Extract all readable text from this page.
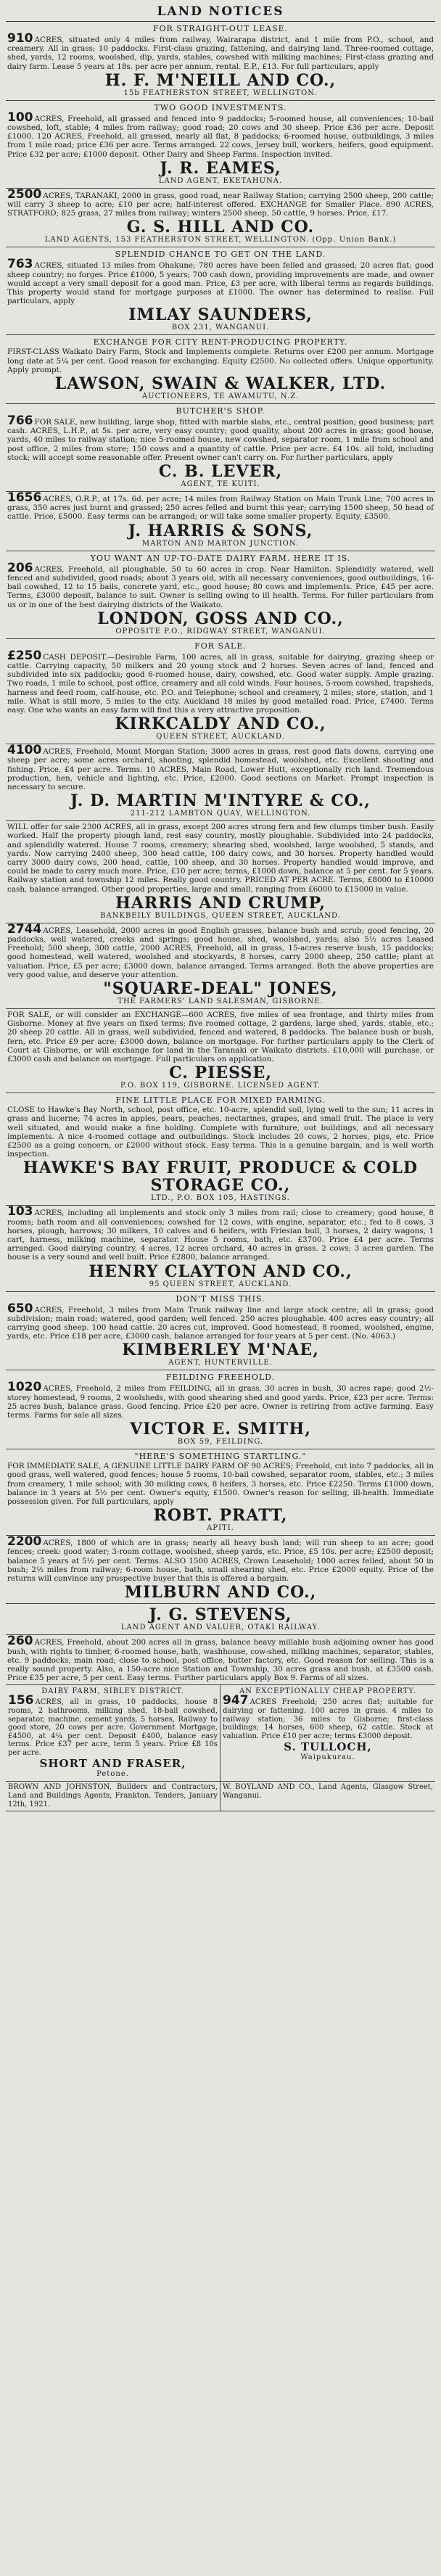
LAND NOTICES
FOR STRAIGHT-OUT LEASE.
910 ACRES, situated only 4 miles from railway, Wairarapa district, and 1 mile from P.O., school, and creamery. All in grass; 10 paddocks. First-class grazing, fattening, and dairying land. Three-roomed cottage, shed, yards, 12 rooms, woolshed, dip, yards, stables, cowshed with milking machines; First-class grazing and dairy farm. Lease 5 years at 18s. per acre per annum, rental. E.P., £13. For full particulars, apply
H. F. M'NEILL AND CO.,
15b FEATHERSTON STREET, WELLINGTON.
TWO GOOD INVESTMENTS.
100 ACRES, Freehold, all grassed and fenced into 9 paddocks; 5-roomed house, all conveniences; 10-bail cowshed, loft, stable; 4 miles from railway; good road; 20 cows and 30 sheep. Price £36 per acre. Deposit £1000. 120 ACRES, Freehold, all grassed, nearly all flat, 8 paddocks; 6-roomed house, outbuildings, 3 miles from 1 mile road; price £36 per acre. Terms arranged. 22 cows, Jersey bull, workers, heifers, good equipment. Price £32 per acre; £1000 deposit. Other Dairy and Sheep Farms. Inspection invited.
J. R. EAMES,
LAND AGENT, EKETAHUNA.
2500 ACRES, TARANAKI, 2000 in grass, good road, near Railway Station; carrying 2500 sheep, 200 cattle; will carry 3 sheep to acre; £10 per acre; half-interest offered. EXCHANGE for Smaller Place. 890 ACRES, STRATFORD; 825 grass, 27 miles from railway; winters 2500 sheep, 50 cattle, 9 horses. Price, £17.
G. S. HILL AND CO.
LAND AGENTS, 153 FEATHERSTON STREET, WELLINGTON. (Opp. Union Bank.)
SPLENDID CHANCE TO GET ON THE LAND.
763 ACRES, situated 13 miles from Ohakune; 780 acres have been felled and grassed; 20 acres flat; good sheep country; no forges. Price £1000, 5 years; 700 cash down, providing improvements are made, and owner would accept a very small deposit for a good man. Price, £3 per acre, with liberal terms as regards buildings. This property would stand for mortgage purposes at £1000. The owner has determined to realise. Full particulars, apply
IMLAY SAUNDERS,
BOX 231, WANGANUI.
EXCHANGE FOR CITY RENT-PRODUCING PROPERTY.
FIRST-CLASS Waikato Dairy Farm, Stock and Implements complete. Returns over £200 per annum. Mortgage long date at 5¼ per cent. Good reason for exchanging. Equity £2500. No collected offers. Unique opportunity. Apply prompt.
LAWSON, SWAIN & WALKER, LTD.
AUCTIONEERS, TE AWAMUTU, N.Z.
BUTCHER'S SHOP.
766 FOR SALE, new building, large shop, fitted with marble slabs, etc., central position; good business; part cash. ACRES, L.H.P., at 5s. per acre, very easy country; good quality, about 200 acres in grass; good house, yards, 40 miles to railway station; nice 5-roomed house, new cowshed, separator room, 1 mile from school and post office, 2 miles from store; 150 cows and a quantity of cattle. Price per acre. £4 10s. all told, including stock; will accept some reasonable offer. Present owner can't carry on. For further particulars, apply
C. B. LEVER,
AGENT, TE KUITI.
1656 ACRES, O.R.P., at 17s. 6d. per acre; 14 miles from Railway Station on Main Trunk Line; 700 acres in grass, 350 acres just burnt and grassed; 250 acres felled and burnt this year; carrying 1500 sheep, 50 head of cattle. Price, £5000. Easy terms can be arranged; or will take some smaller property. Equity, £3500.
J. HARRIS & SONS,
MARTON AND MARTON JUNCTION.
YOU WANT AN UP-TO-DATE DAIRY FARM. HERE IT IS.
206 ACRES, Freehold, all ploughable, 50 to 60 acres in crop. Near Hamilton. Splendidly watered, well fenced and subdivided, good roads; about 3 years old, with all necessary conveniences, good outbuildings, 16-bail cowshed, 12 to 15 bails, concrete yard, etc., good house; 80 cows and implements. Price, £45 per acre. Terms, £3000 deposit, balance to suit. Owner is selling owing to ill health. Terms. For fuller particulars from us or in one of the best dairying districts of the Waikato.
LONDON, GOSS AND CO.,
OPPOSITE P.O., RIDGWAY STREET, WANGANUI.
FOR SALE.
£250 CASH DEPOSIT.—Desirable Farm, 100 acres, all in grass, suitable for dairying, grazing sheep or cattle. Carrying capacity, 50 milkers and 20 young stock and 2 horses. Seven acres of land, fenced and subdivided into six paddocks; good 6-roomed house, dairy, cowshed, etc. Good water supply. Ample grazing. Two roads, 1 mile to school, post office, creamery and all cold winds. Four houses, 5-room cowshed, trapsheds, harness and feed room, calf-house, etc. P.O. and Telephone; school and creamery, 2 miles; store, station, and 1 mile. What is still more, 5 miles to the city. Auckland 18 miles by good metalled road. Price, £7400. Terms easy. One who wants an easy farm will find this a very attractive proposition.
KIRKCALDY AND CO.,
QUEEN STREET, AUCKLAND.
4100 ACRES, Freehold, Mount Morgan Station; 3000 acres in grass, rest good flats downs, carrying one sheep per acre; some acres orchard, shooting, splendid homestead, woolshed, etc. Excellent shooting and fishing. Price, £4 per acre. Terms. 10 ACRES, Main Road, Lower Hutt, exceptionally rich land. Tremendous production, hen, vehicle and lighting, etc. Price, £2000. Good sections on Market. Prompt inspection is necessary to secure.
J. D. MARTIN M'INTYRE & CO.,
211-212 LAMBTON QUAY, WELLINGTON.
WILL offer for sale 2300 ACRES, all in grass, except 200 acres strong fern and few clumps timber bush. Easily worked. Half the property plough land, rest easy country, mostly ploughable. Subdivided into 24 paddocks, and splendidly watered. House 7 rooms, creamery; shearing shed, woolshed, large woolshed, 5 stands, and yards. Now carrying 2400 sheep, 300 head cattle, 100 dairy cows, and 30 horses. Property handled would carry 3000 dairy cows, 200 head, cattle, 100 sheep, and 30 horses. Property handled would improve, and could be made to carry much more. Price, £10 per acre; terms, £1000 down, balance at 5 per cent. for 5 years. Railway station and township 12 miles. Really good country. PRICED AT PER ACRE. Terms, £8000 to £10000 cash, balance arranged. Other good properties, large and small, ranging from £6000 to £15000 in value.
HARRIS AND CRUMP,
BANKBEILY BUILDINGS, QUEEN STREET, AUCKLAND.
2744 ACRES, Leasehold, 2000 acres in good English grasses, balance bush and scrub; good fencing, 20 paddocks, well watered, creeks and springs; good house, shed, woolshed, yards; also 5½ acres Leased Freehold; 500 sheep, 300 cattle, 2000 ACRES, Freehold, all in grass, 15-acres reserve bush, 15 paddocks; good homestead, well watered, woolshed and stockyards, 8 horses, carry 2000 sheep, 250 cattle; plant at valuation. Price, £5 per acre; £3000 down, balance arranged. Terms arranged. Both the above properties are very good value, and deserve your attention.
"SQUARE-DEAL" JONES,
THE FARMERS' LAND SALESMAN, GISBORNE.
FOR SALE, or will consider an EXCHANGE—600 ACRES, five miles of sea frontage, and thirty miles from Gisborne. Money at five years on fixed terms; five roomed cottage, 2 gardens, large shed, yards, stable, etc.; 20 sheep 20 cattle. All in grass, well subdivided, fenced and watered, 8 paddocks. The balance bush or bush, fern, etc. Price £9 per acre; £3000 down, balance on mortgage. For further particulars apply to the Clerk of Court at Gisborne, or will exchange for land in the Taranaki or Waikato districts. £10,000 will purchase, or £3000 cash and balance on mortgage. Full particulars on application.
C. PIESSE,
P.O. BOX 119, GISBORNE. LICENSED AGENT.
FINE LITTLE PLACE FOR MIXED FARMING.
CLOSE to Hawke's Bay North, school, post office, etc. 10-acre, splendid soil, lying well to the sun; 11 acres in grass and lucerne; 74 acres in apples, pears, peaches, nectarines, grapes, and small fruit. The place is very well situated, and would make a fine holding. Complete with furniture, out buildings, and all necessary implements. A nice 4-roomed cottage and outbuildings. Stock includes 20 cows, 2 horses, pigs, etc. Price £2500 as a going concern, or £2000 without stock. Easy terms. This is a genuine bargain, and is well worth inspection.
HAWKE'S BAY FRUIT, PRODUCE & COLD STORAGE CO.,
LTD., P.O. BOX 105, HASTINGS.
103 ACRES, including all implements and stock only 3 miles from rail; close to creamery; good house, 8 rooms; bath room and all conveniences; cowshed for 12 cows, with engine, separator, etc.; fed to 8 cows, 3 horses, plough, harrows; 30 milkers, 10 calves and 6 heifers, with Friesian bull, 3 horses, 2 dairy wagons, 1 cart, harness, milking machine, separator. House 5 rooms, bath, etc. £3700. Price £4 per acre. Terms arranged. Good dairying country, 4 acres, 12 acres orchard, 40 acres in grass. 2 cows; 3 acres garden. The house is a very sound and well built. Price £2800, balance arranged.
HENRY CLAYTON AND CO.,
95 QUEEN STREET, AUCKLAND.
DON'T MISS THIS.
650 ACRES, Freehold, 3 miles from Main Trunk railway line and large stock centre; all in grass; good subdivision; main road; watered, good garden; well fenced. 250 acres ploughable. 400 acres easy country; all carrying good sheep. 100 head cattle. 20 acres cut, improved. Good homestead, 8 roomed, woolshed, engine, yards, etc. Price £18 per acre, £3000 cash, balance arranged for four years at 5 per cent. (No. 4063.)
KIMBERLEY M'NAE,
AGENT, HUNTERVILLE.
FEILDING FREEHOLD.
1020 ACRES, Freehold, 2 miles from FEILDING, all in grass, 30 acres in bush, 30 acres rape; good 2½-storey homestead, 9 rooms, 2 woolsheds, with good shearing shed and good yards. Price, £23 per acre. Terms: 25 acres bush, balance grass. Good fencing. Price £20 per acre. Owner is retiring from active farming. Easy terms. Farms for sale all sizes.
VICTOR E. SMITH,
BOX 59, FEILDING.
"HERE'S SOMETHING STARTLING."
FOR IMMEDIATE SALE, A GENUINE LITTLE DAIRY FARM OF 90 ACRES; Freehold, cut into 7 paddocks, all in good grass, well watered, good fences; house 5 rooms, 10-bail cowshed, separator room, stables, etc.; 3 miles from creamery, 1 mile school; with 30 milking cows, 8 heifers, 3 horses, etc. Price £2250. Terms £1000 down, balance in 3 years at 5½ per cent. Owner's equity, £1500. Owner's reason for selling, ill-health. Immediate possession given. For full particulars, apply
ROBT. PRATT,
APITI.
2200 ACRES, 1800 of which are in grass; nearly all heavy bush land; will run sheep to an acre; good fences; creek: good water; 3-room cottage, woolshed, sheep yards, etc. Price, £5 10s. per acre; £2500 deposit; balance 5 years at 5½ per cent. Terms. ALSO 1500 ACRES, Crown Leasehold; 1000 acres felled, about 50 in bush; 2½ miles from railway; 6-room house, bath, small shearing shed, etc. Price £2000 equity. Price of the returns will convince any prospective buyer that this is offered a bargain.
MILBURN AND CO.,
J. G. STEVENS,
LAND AGENT AND VALUER, OTAKI RAILWAY.
260 ACRES, Freehold, about 200 acres all in grass, balance heavy millable bush adjoining owner has good bush, with rights to timber, 6-roomed house, bath, washhouse, cow-shed, milking machines, separator, stables, etc. 9 paddocks, main road; close to school, post office, butter factory, etc. Good reason for selling. This is a really sound property. Also, a 150-acre nice Station and Township, 30 acres grass and bush, at £3500 cash. Price £35 per acre, 5 per cent. Easy terms. Further particulars apply Box 9. Farms of all sizes.
DAIRY FARM, SIBLEY DISTRICT.
156 ACRES, all in grass, 10 paddocks, house 8 rooms, 2 bathrooms, milking shed, 18-bail cowshed, separator, machine, cement yards, 5 horses, Railway to good store, 20 cows per acre. Government Mortgage, £4500, at 4¼ per cent. Deposit £400, balance easy terms. Price £37 per acre, term 5 years. Price £8 10s per acre.
SHORT AND FRASER,
Petone.
AN EXCEPTIONALLY CHEAP PROPERTY.
947 ACRES Freehold; 250 acres flat; suitable for dairying or fattening. 100 acres in grass. 4 miles to railway station; 36 miles to Gisborne; first-class buildings; 14 horses, 600 sheep, 62 cattle. Stock at valuation. Price £10 per acre; terms £3000 deposit.
S. TULLOCH,
Waipukurau.
BROWN AND JOHNSTON, Builders and Contractors, Land and Buildings Agents, Frankton. Tenders, January 12th, 1921.
W. BOYLAND AND CO., Land Agents, Glasgow Street, Wanganui.
